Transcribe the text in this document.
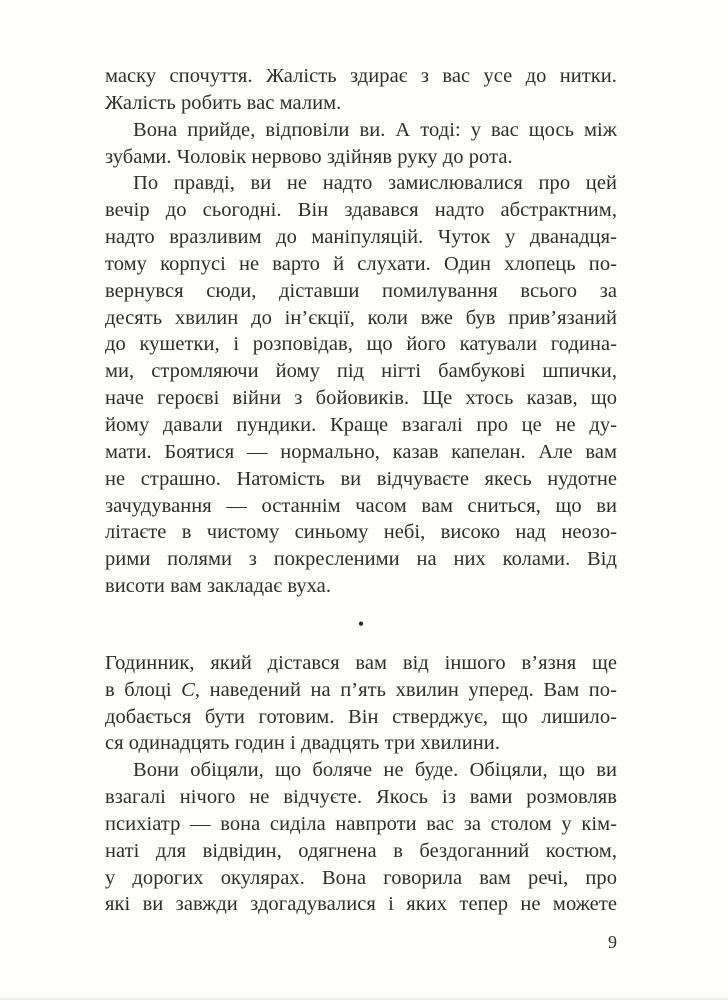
маску спочуття. Жалість здирає з вас усе до нитки.
Жалість робить вас малим.

Вона прийде, відповіли ви. А тоді: у вас щось між
зубами. Чоловік нервово здійняв руку до рота.

По правді, ви не надто замислювалися про цей
вечір до сьогодні. Він здавався надто абстрактним,
надто вразливим до маніпуляцій. Чуток у дванадця-
тому корпусі не варто й слухати. Один хлопець по-
вернувся сюди, діставши помилування всього за
десять хвилин до ін’єкції, коли вже був прив’язаний
до кушетки, і розповідав, що його катували година-
ми, стромляючи йому під нігті бамбукові шпички,
наче героєві війни з бойовиків. Ще хтось казав, що
йому давали пундики. Краще взагалі про це не ду-
мати. Боятися — нормально, казав капелан. Але вам
не страшно. Натомість ви відчуваєте якесь нудотне
зачудування — останнім часом вам сниться, що ви
літаєте в чистому синьому небі, високо над неозо-
рими полями з покресленими на них колами. Від
висоти вам закладає вуха.

•

Годинник, який дістався вам від іншого в’язня ще
в блоці C, наведений на п’ять хвилин уперед. Вам по-
добається бути готовим. Він стверджує, що лишило-
ся одинадцять годин і двадцять три хвилини.

Вони обіцяли, що боляче не буде. Обіцяли, що ви
взагалі нічого не відчуєте. Якось із вами розмовляв
психіатр — вона сиділа навпроти вас за столом у кім-
наті для відвідин, одягнена в бездоганний костюм,
у дорогих окулярах. Вона говорила вам речі, про
які ви завжди здогадувалися і яких тепер не можете

9
